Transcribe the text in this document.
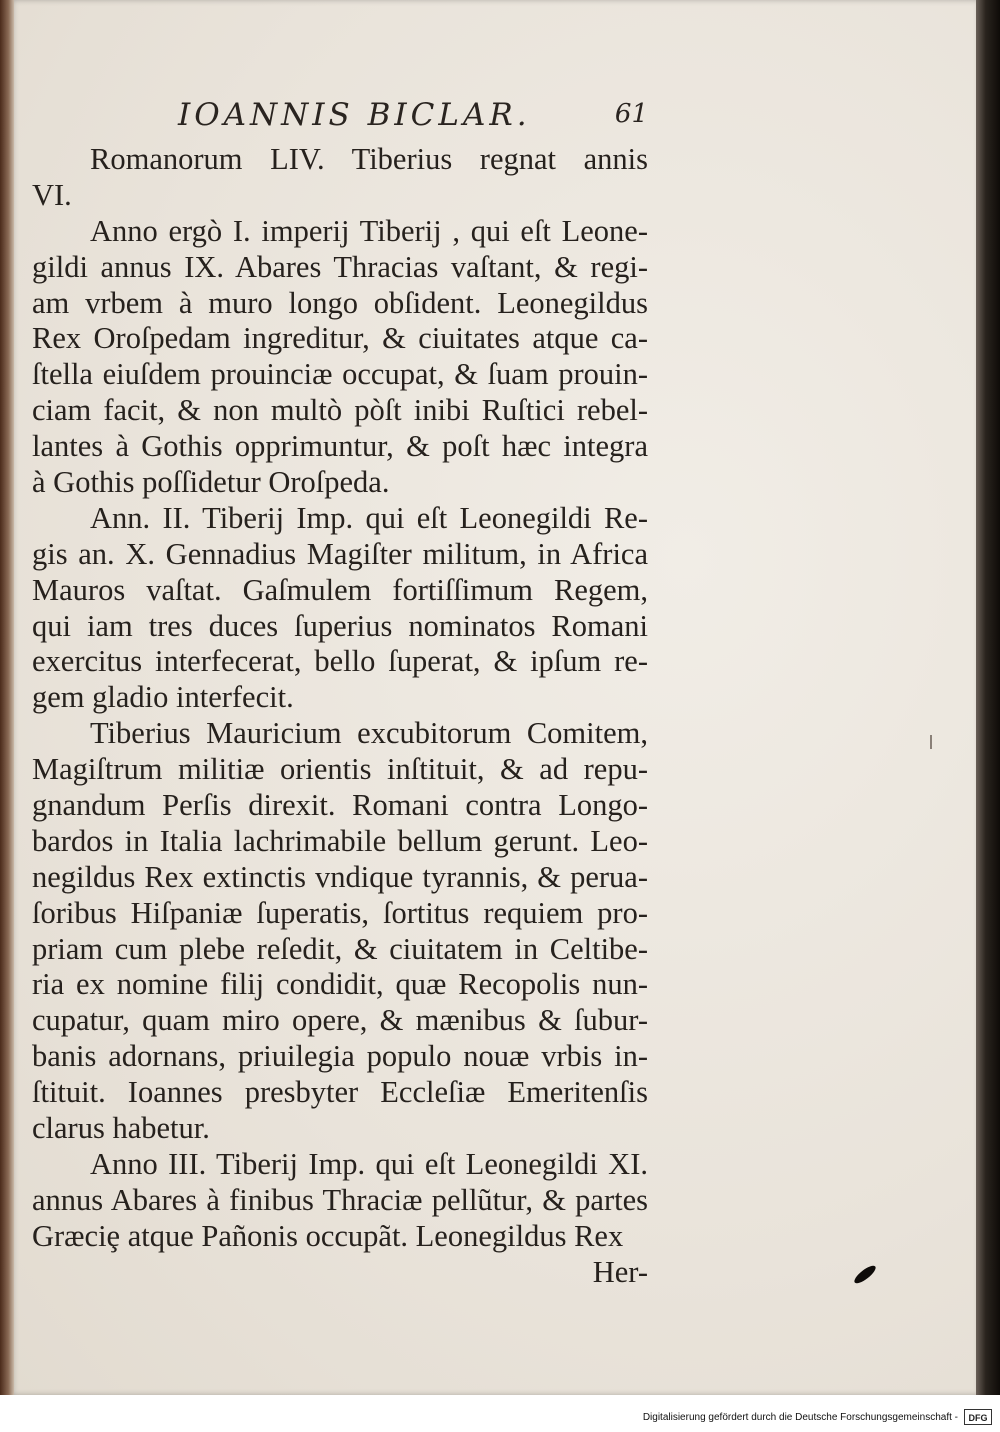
IOANNIS BICLAR.	61
Romanorum LIV. Tiberius regnat annis
VI.
Anno ergò I. imperij Tiberij , qui eſt Leone-
gildi annus IX. Abares Thracias vaſtant, & regi-
am vrbem à muro longo obſident. Leonegildus
Rex Oroſpedam ingreditur, & ciuitates atque ca-
ſtella eiuſdem prouinciæ occupat, & ſuam prouin-
ciam facit, & non multò pòſt inibi Ruſtici rebel-
lantes à Gothis opprimuntur, & poſt hæc integra
à Gothis poſſidetur Oroſpeda.
Ann. II. Tiberij Imp. qui eſt Leonegildi Re-
gis an. X. Gennadius Magiſter militum, in Africa
Mauros vaſtat. Gaſmulem fortiſſimum Regem,
qui iam tres duces ſuperius nominatos Romani
exercitus interfecerat, bello ſuperat, & ipſum re-
gem gladio interfecit.
Tiberius Mauricium excubitorum Comitem,
Magiſtrum militiæ orientis inſtituit, & ad repu-
gnandum Perſis direxit. Romani contra Longo-
bardos in Italia lachrimabile bellum gerunt. Leo-
negildus Rex extinctis vndique tyrannis, & perua-
ſoribus Hiſpaniæ ſuperatis, ſortitus requiem pro-
priam cum plebe reſedit, & ciuitatem in Celtibe-
ria ex nomine filij condidit, quæ Recopolis nun-
cupatur, quam miro opere, & mænibus & ſubur-
banis adornans, priuilegia populo nouæ vrbis in-
ſtituit. Ioannes presbyter Eccleſiæ Emeritenſis
clarus habetur.
Anno III. Tiberij Imp. qui eſt Leonegildi XI.
annus Abares à finibus Thraciæ pellũtur, & partes
Græciȩ atque Pañonis occupãt. Leonegildus Rex
Her-
Digitalisierung gefördert durch die Deutsche Forschungsgemeinschaft -	DFG
